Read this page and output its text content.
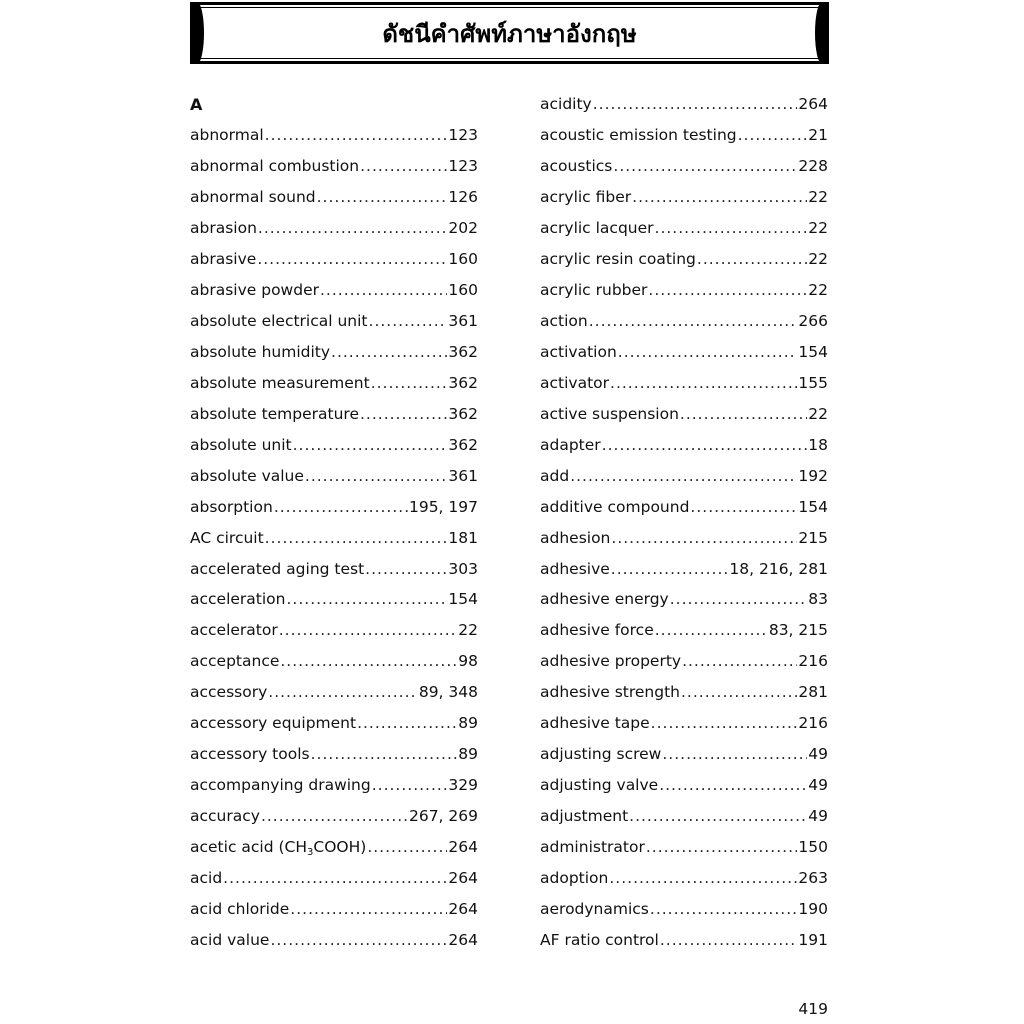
ดัชนีคำศัพท์ภาษาอังกฤษ
A
abnormal .....	123
abnormal combustion .....	123
abnormal sound .....	126
abrasion .....	202
abrasive .....	160
abrasive powder .....	160
absolute electrical unit .....	361
absolute humidity .....	362
absolute measurement .....	362
absolute temperature .....	362
absolute unit .....	362
absolute value .....	361
absorption .....	195, 197
AC circuit .....	181
accelerated aging test .....	303
acceleration .....	154
accelerator .....	22
acceptance .....	98
accessory .....	89, 348
accessory equipment .....	89
accessory tools .....	89
accompanying drawing .....	329
accuracy .....	267, 269
acetic acid $(CH_3COOH)$ .....	264
acid .....	264
acid chloride .....	264
acid value .....	264
acidity .....	264
acoustic emission testing .....	21
acoustics .....	228
acrylic fiber .....	22
acrylic lacquer .....	22
acrylic resin coating .....	22
acrylic rubber .....	22
action .....	266
activation .....	154
activator .....	155
active suspension .....	22
adapter .....	18
add .....	192
additive compound .....	154
adhesion .....	215
adhesive .....	18, 216, 281
adhesive energy .....	83
adhesive force .....	83, 215
adhesive property .....	216
adhesive strength .....	281
adhesive tape .....	216
adjusting screw .....	49
adjusting valve .....	49
adjustment .....	49
administrator .....	150
adoption .....	263
aerodynamics .....	190
AF ratio control .....	191
419
